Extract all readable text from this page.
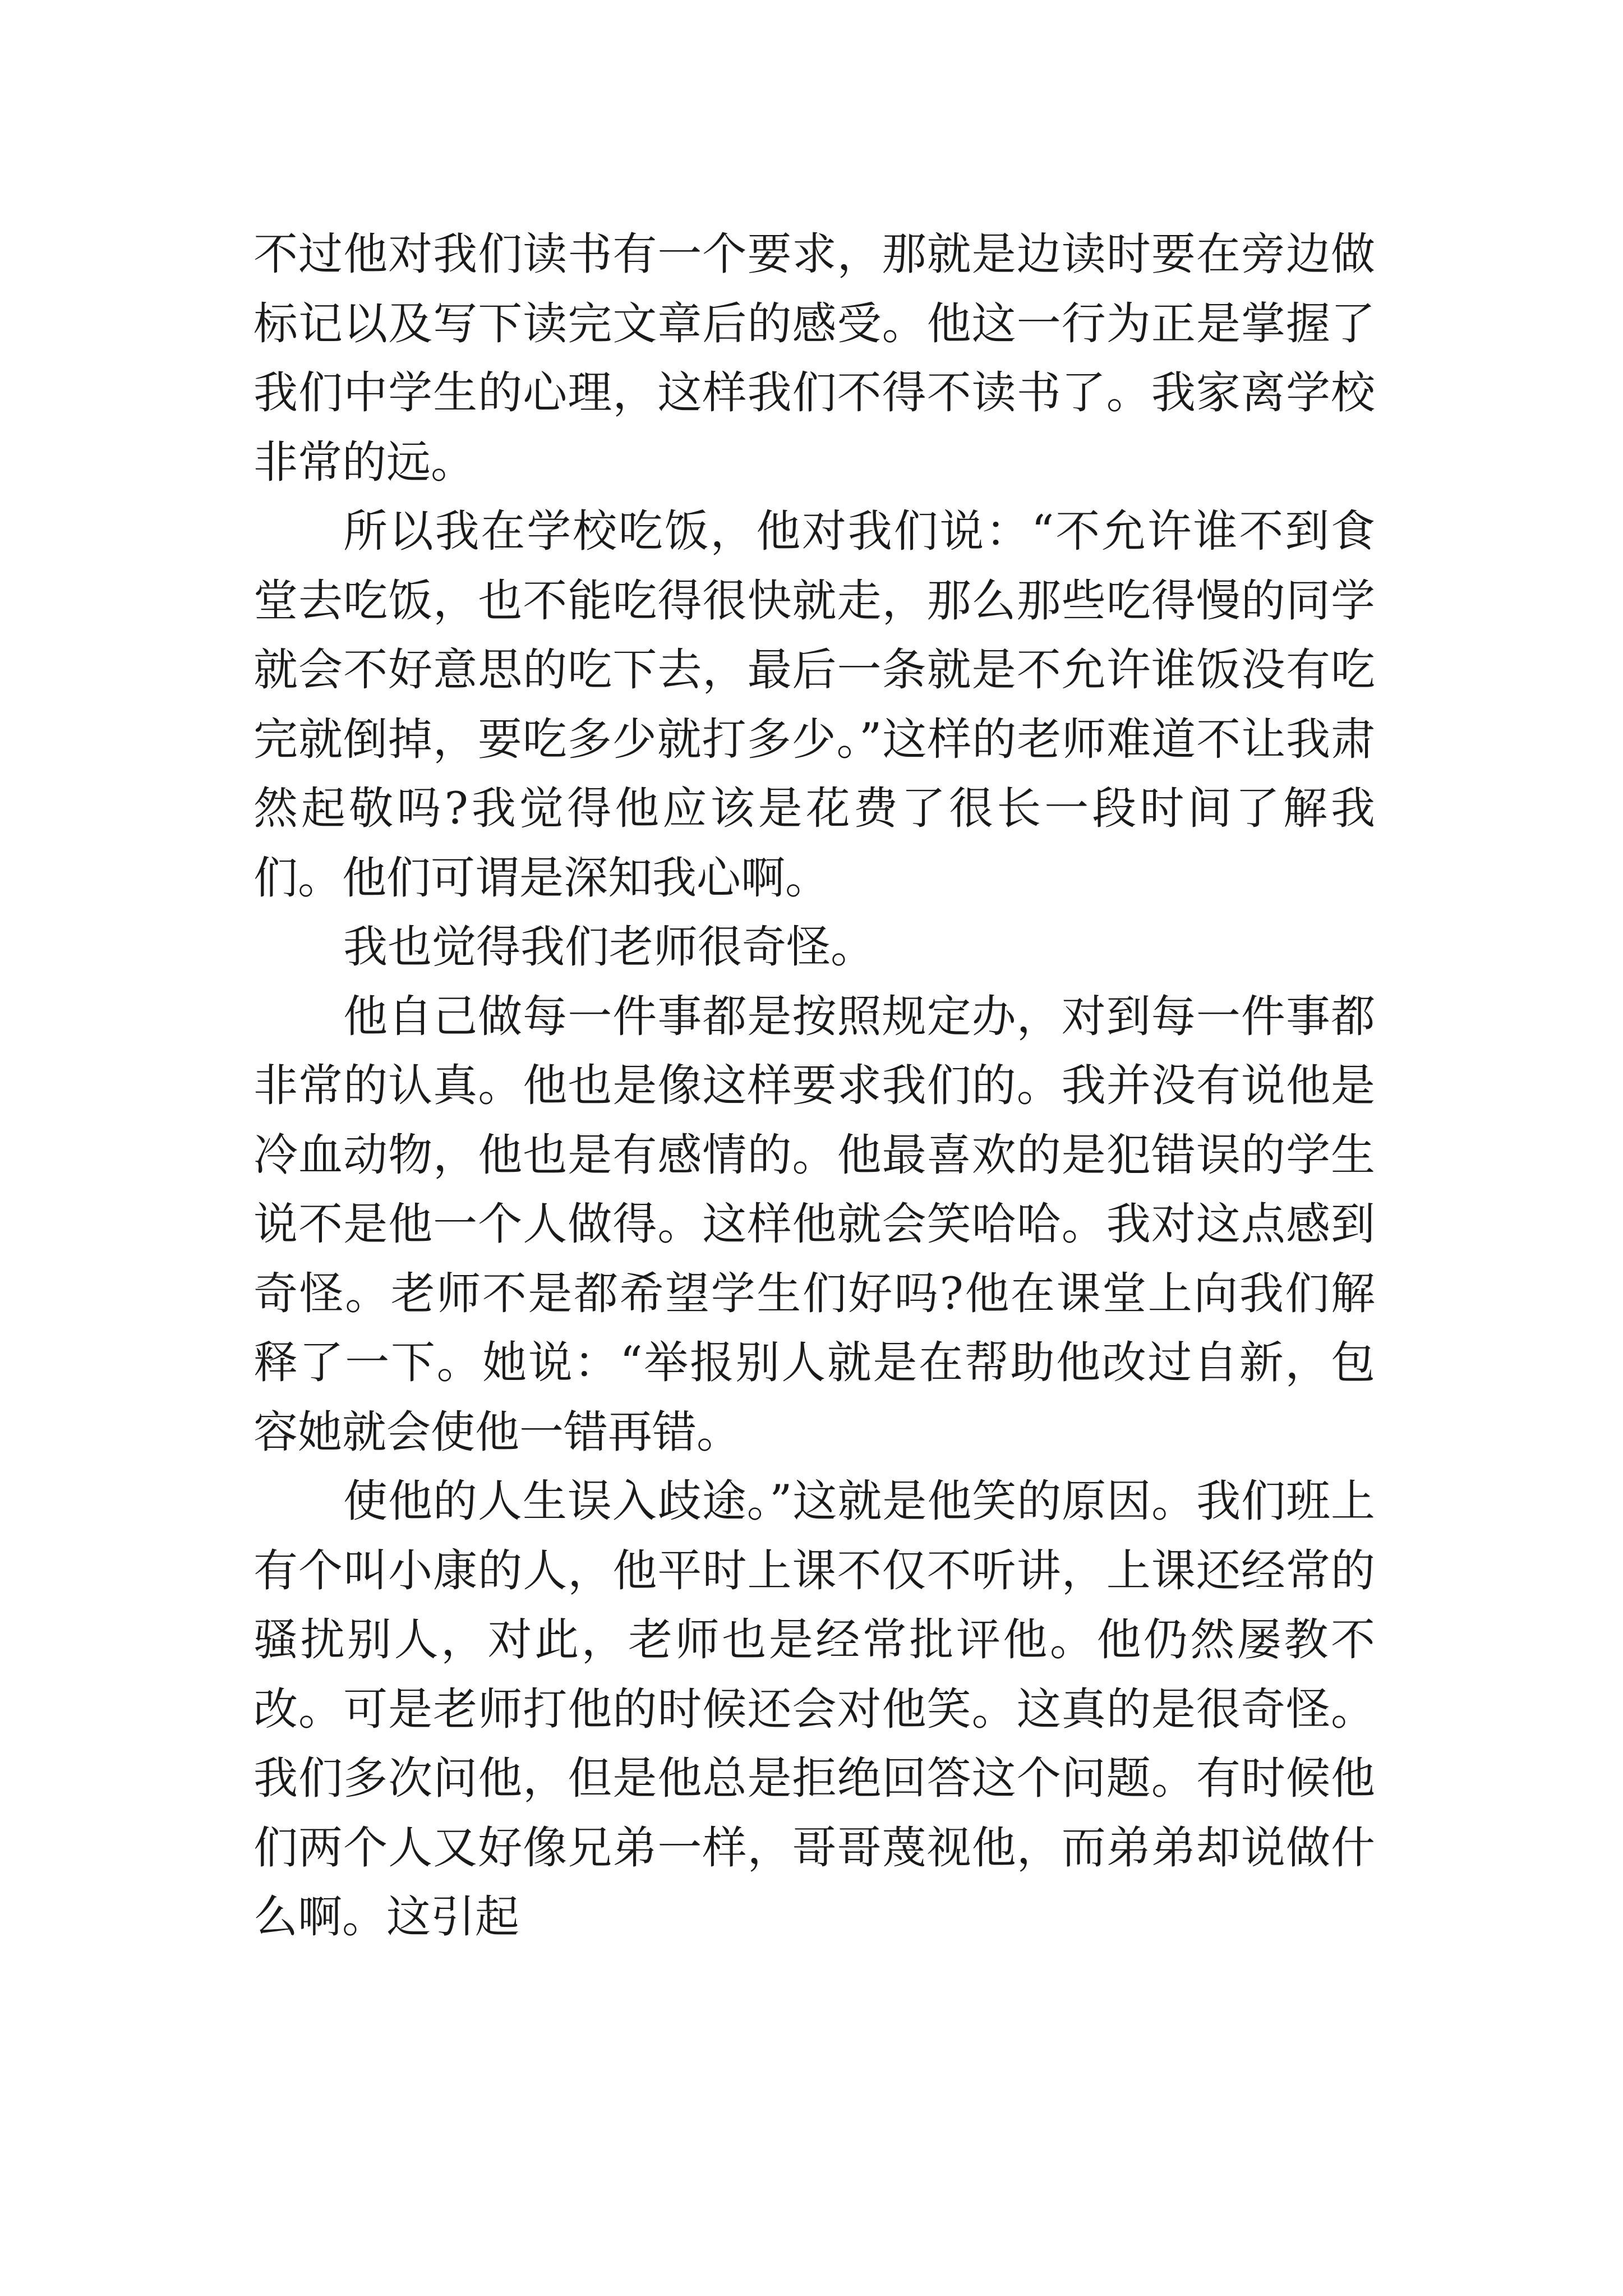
不过他对我们读书有一个要求，那就是边读时要在旁边做标记以及写下读完文章后的感受。他这一行为正是掌握了我们中学生的心理，这样我们不得不读书了。我家离学校非常的远。

所以我在学校吃饭，他对我们说：“不允许谁不到食堂去吃饭，也不能吃得很快就走，那么那些吃得慢的同学就会不好意思的吃下去，最后一条就是不允许谁饭没有吃完就倒掉，要吃多少就打多少。”这样的老师难道不让我肃然起敬吗?我觉得他应该是花费了很长一段时间了解我们。他们可谓是深知我心啊。

我也觉得我们老师很奇怪。

他自己做每一件事都是按照规定办，对到每一件事都非常的认真。他也是像这样要求我们的。我并没有说他是冷血动物，他也是有感情的。他最喜欢的是犯错误的学生说不是他一个人做得。这样他就会笑哈哈。我对这点感到奇怪。老师不是都希望学生们好吗?他在课堂上向我们解释了一下。她说：“举报别人就是在帮助他改过自新，包容她就会使他一错再错。

使他的人生误入歧途。”这就是他笑的原因。我们班上有个叫小康的人，他平时上课不仅不听讲，上课还经常的骚扰别人，对此，老师也是经常批评他。他仍然屡教不改。可是老师打他的时候还会对他笑。这真的是很奇怪。我们多次问他，但是他总是拒绝回答这个问题。有时候他们两个人又好像兄弟一样，哥哥蔑视他，而弟弟却说做什么啊。这引起
